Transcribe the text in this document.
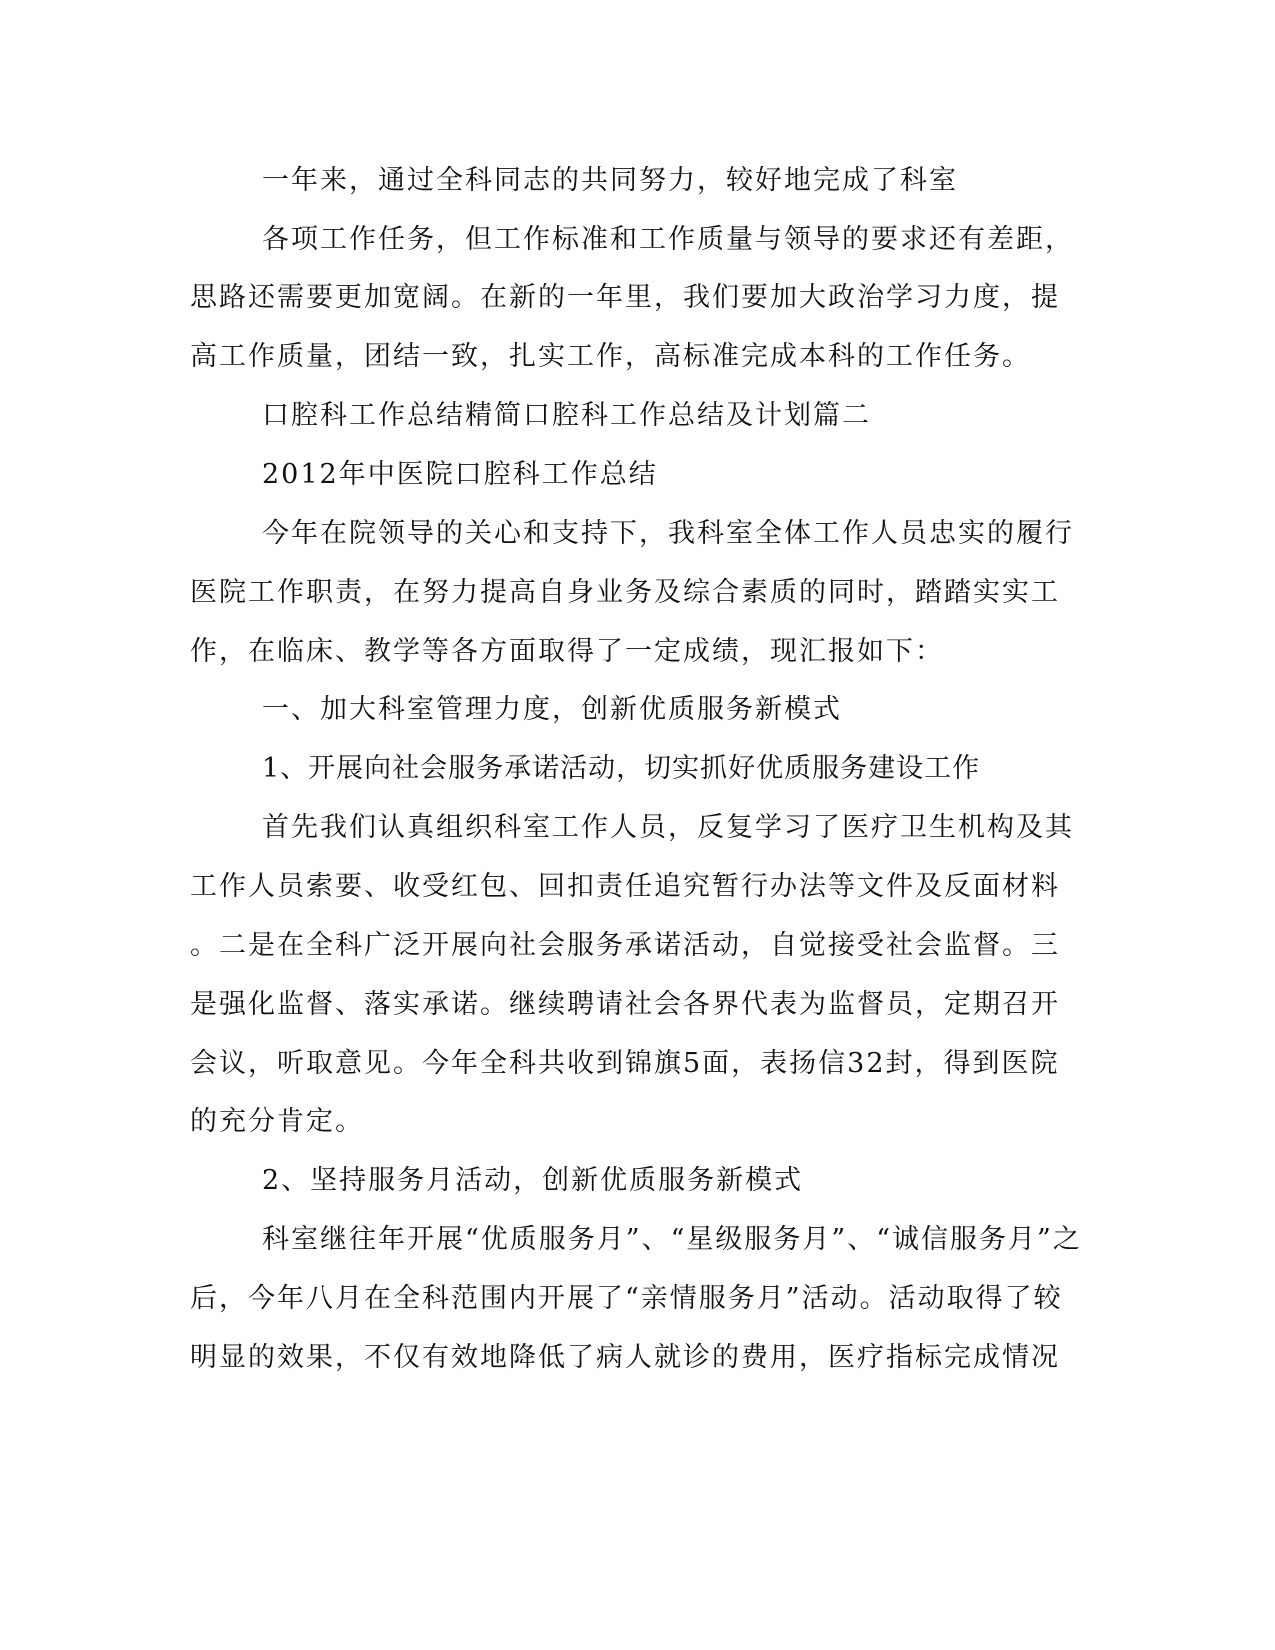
一年来，通过全科同志的共同努力，较好地完成了科室
各项工作任务，但工作标准和工作质量与领导的要求还有差距，
思路还需要更加宽阔。在新的一年里，我们要加大政治学习力度，提
高工作质量，团结一致，扎实工作，高标准完成本科的工作任务。
口腔科工作总结精简口腔科工作总结及计划篇二
2012年中医院口腔科工作总结
今年在院领导的关心和支持下，我科室全体工作人员忠实的履行
医院工作职责，在努力提高自身业务及综合素质的同时，踏踏实实工
作，在临床、教学等各方面取得了一定成绩，现汇报如下：
一、加大科室管理力度，创新优质服务新模式
1、开展向社会服务承诺活动，切实抓好优质服务建设工作
首先我们认真组织科室工作人员，反复学习了医疗卫生机构及其
工作人员索要、收受红包、回扣责任追究暂行办法等文件及反面材料
。二是在全科广泛开展向社会服务承诺活动，自觉接受社会监督。三
是强化监督、落实承诺。继续聘请社会各界代表为监督员，定期召开
会议，听取意见。今年全科共收到锦旗5面，表扬信32封，得到医院
的充分肯定。
2、坚持服务月活动，创新优质服务新模式
科室继往年开展“优质服务月”、“星级服务月”、“诚信服务月”之
后，今年八月在全科范围内开展了“亲情服务月”活动。活动取得了较
明显的效果，不仅有效地降低了病人就诊的费用，医疗指标完成情况
